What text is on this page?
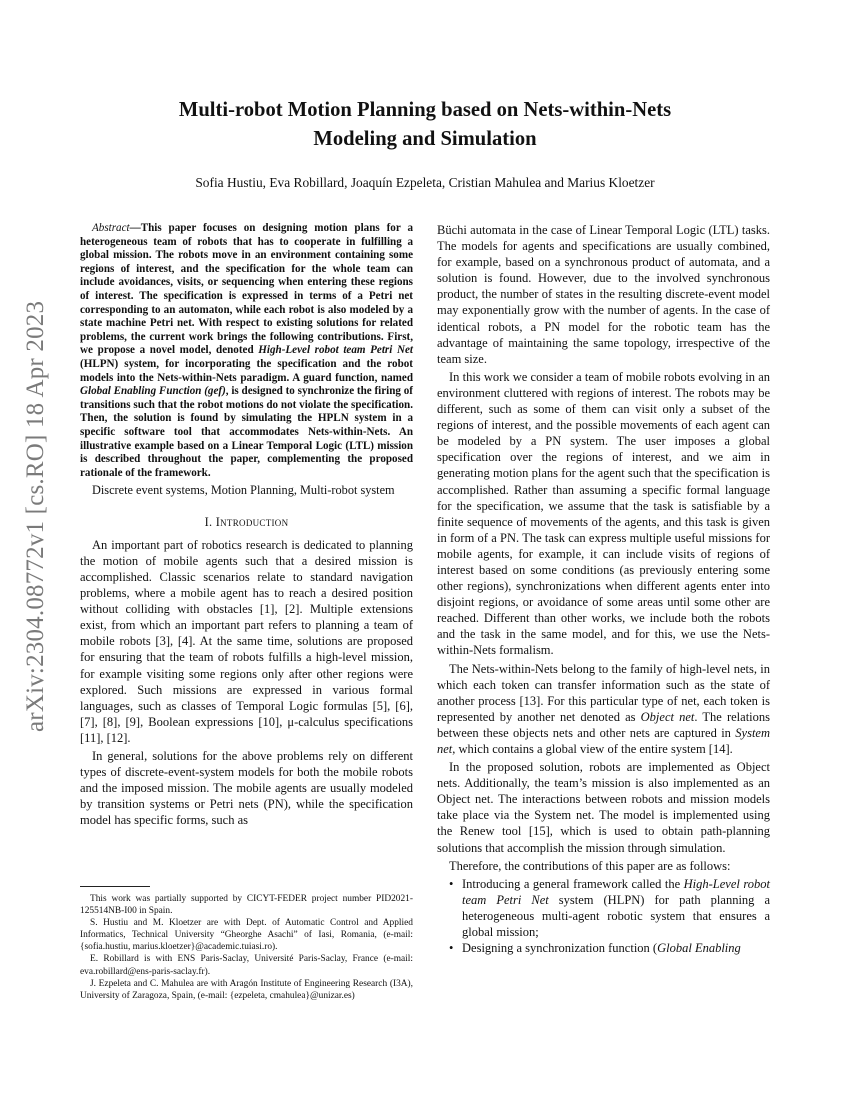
arXiv:2304.08772v1 [cs.RO] 18 Apr 2023
Multi-robot Motion Planning based on Nets-within-Nets
Modeling and Simulation
Sofia Hustiu, Eva Robillard, Joaquín Ezpeleta, Cristian Mahulea and Marius Kloetzer

Abstract—This paper focuses on designing motion plans for a heterogeneous team of robots that has to cooperate in fulfilling a global mission. The robots move in an environment containing some regions of interest, and the specification for the whole team can include avoidances, visits, or sequencing when entering these regions of interest. The specification is expressed in terms of a Petri net corresponding to an automaton, while each robot is also modeled by a state machine Petri net. With respect to existing solutions for related problems, the current work brings the following contributions. First, we propose a novel model, denoted High-Level robot team Petri Net (HLPN) system, for incorporating the specification and the robot models into the Nets-within-Nets paradigm. A guard function, named Global Enabling Function (gef), is designed to synchronize the firing of transitions such that the robot motions do not violate the specification. Then, the solution is found by simulating the HPLN system in a specific software tool that accommodates Nets-within-Nets. An illustrative example based on a Linear Temporal Logic (LTL) mission is described throughout the paper, complementing the proposed rationale of the framework.

Discrete event systems, Motion Planning, Multi-robot system

I. Introduction

An important part of robotics research is dedicated to planning the motion of mobile agents such that a desired mission is accomplished. Classic scenarios relate to standard navigation problems, where a mobile agent has to reach a desired position without colliding with obstacles [1], [2]. Multiple extensions exist, from which an important part refers to planning a team of mobile robots [3], [4]. At the same time, solutions are proposed for ensuring that the team of robots fulfills a high-level mission, for example visiting some regions only after other regions were explored. Such missions are expressed in various formal languages, such as classes of Temporal Logic formulas [5], [6], [7], [8], [9], Boolean expressions [10], μ-calculus specifications [11], [12].

In general, solutions for the above problems rely on different types of discrete-event-system models for both the mobile robots and the imposed mission. The mobile agents are usually modeled by transition systems or Petri nets (PN), while the specification model has specific forms, such as

This work was partially supported by CICYT-FEDER project number PID2021-125514NB-I00 in Spain.

S. Hustiu and M. Kloetzer are with Dept. of Automatic Control and Applied Informatics, Technical University “Gheorghe Asachi” of Iasi, Romania, (e-mail: {sofia.hustiu, marius.kloetzer}@academic.tuiasi.ro).

E. Robillard is with ENS Paris-Saclay, Université Paris-Saclay, France (e-mail: eva.robillard@ens-paris-saclay.fr).

J. Ezpeleta and C. Mahulea are with Aragón Institute of Engineering Research (I3A), University of Zaragoza, Spain, (e-mail: {ezpeleta, cmahulea}@unizar.es)

Büchi automata in the case of Linear Temporal Logic (LTL) tasks. The models for agents and specifications are usually combined, for example, based on a synchronous product of automata, and a solution is found. However, due to the involved synchronous product, the number of states in the resulting discrete-event model may exponentially grow with the number of agents. In the case of identical robots, a PN model for the robotic team has the advantage of maintaining the same topology, irrespective of the team size.

In this work we consider a team of mobile robots evolving in an environment cluttered with regions of interest. The robots may be different, such as some of them can visit only a subset of the regions of interest, and the possible movements of each agent can be modeled by a PN system. The user imposes a global specification over the regions of interest, and we aim in generating motion plans for the agent such that the specification is accomplished. Rather than assuming a specific formal language for the specification, we assume that the task is satisfiable by a finite sequence of movements of the agents, and this task is given in form of a PN. The task can express multiple useful missions for mobile agents, for example, it can include visits of regions of interest based on some conditions (as previously entering some other regions), synchronizations when different agents enter into disjoint regions, or avoidance of some areas until some other are reached. Different than other works, we include both the robots and the task in the same model, and for this, we use the Nets-within-Nets formalism.

The Nets-within-Nets belong to the family of high-level nets, in which each token can transfer information such as the state of another process [13]. For this particular type of net, each token is represented by another net denoted as Object net. The relations between these objects nets and other nets are captured in System net, which contains a global view of the entire system [14].

In the proposed solution, robots are implemented as Object nets. Additionally, the team’s mission is also implemented as an Object net. The interactions between robots and mission models take place via the System net. The model is implemented using the Renew tool [15], which is used to obtain path-planning solutions that accomplish the mission through simulation.

Therefore, the contributions of this paper are as follows:

• Introducing a general framework called the High-Level robot team Petri Net system (HLPN) for path planning a heterogeneous multi-agent robotic system that ensures a global mission;

• Designing a synchronization function (Global Enabling
